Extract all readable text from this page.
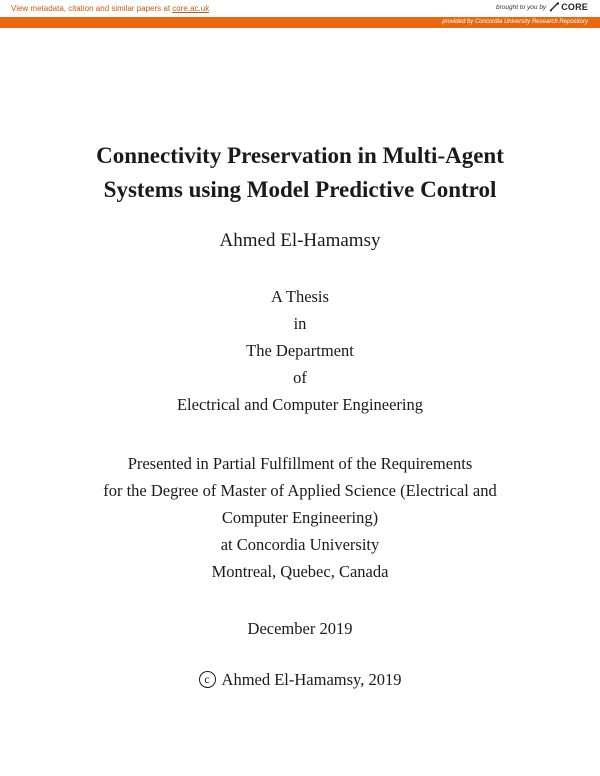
View metadata, citation and similar papers at core.ac.uk	brought to you by CORE
provided by Concordia University Research Repository
Connectivity Preservation in Multi-Agent
Systems using Model Predictive Control
Ahmed El-Hamamsy
A Thesis
in
The Department
of
Electrical and Computer Engineering
Presented in Partial Fulfillment of the Requirements
for the Degree of Master of Applied Science (Electrical and
Computer Engineering)
at Concordia University
Montreal, Quebec, Canada
December 2019
c Ahmed El-Hamamsy, 2019
